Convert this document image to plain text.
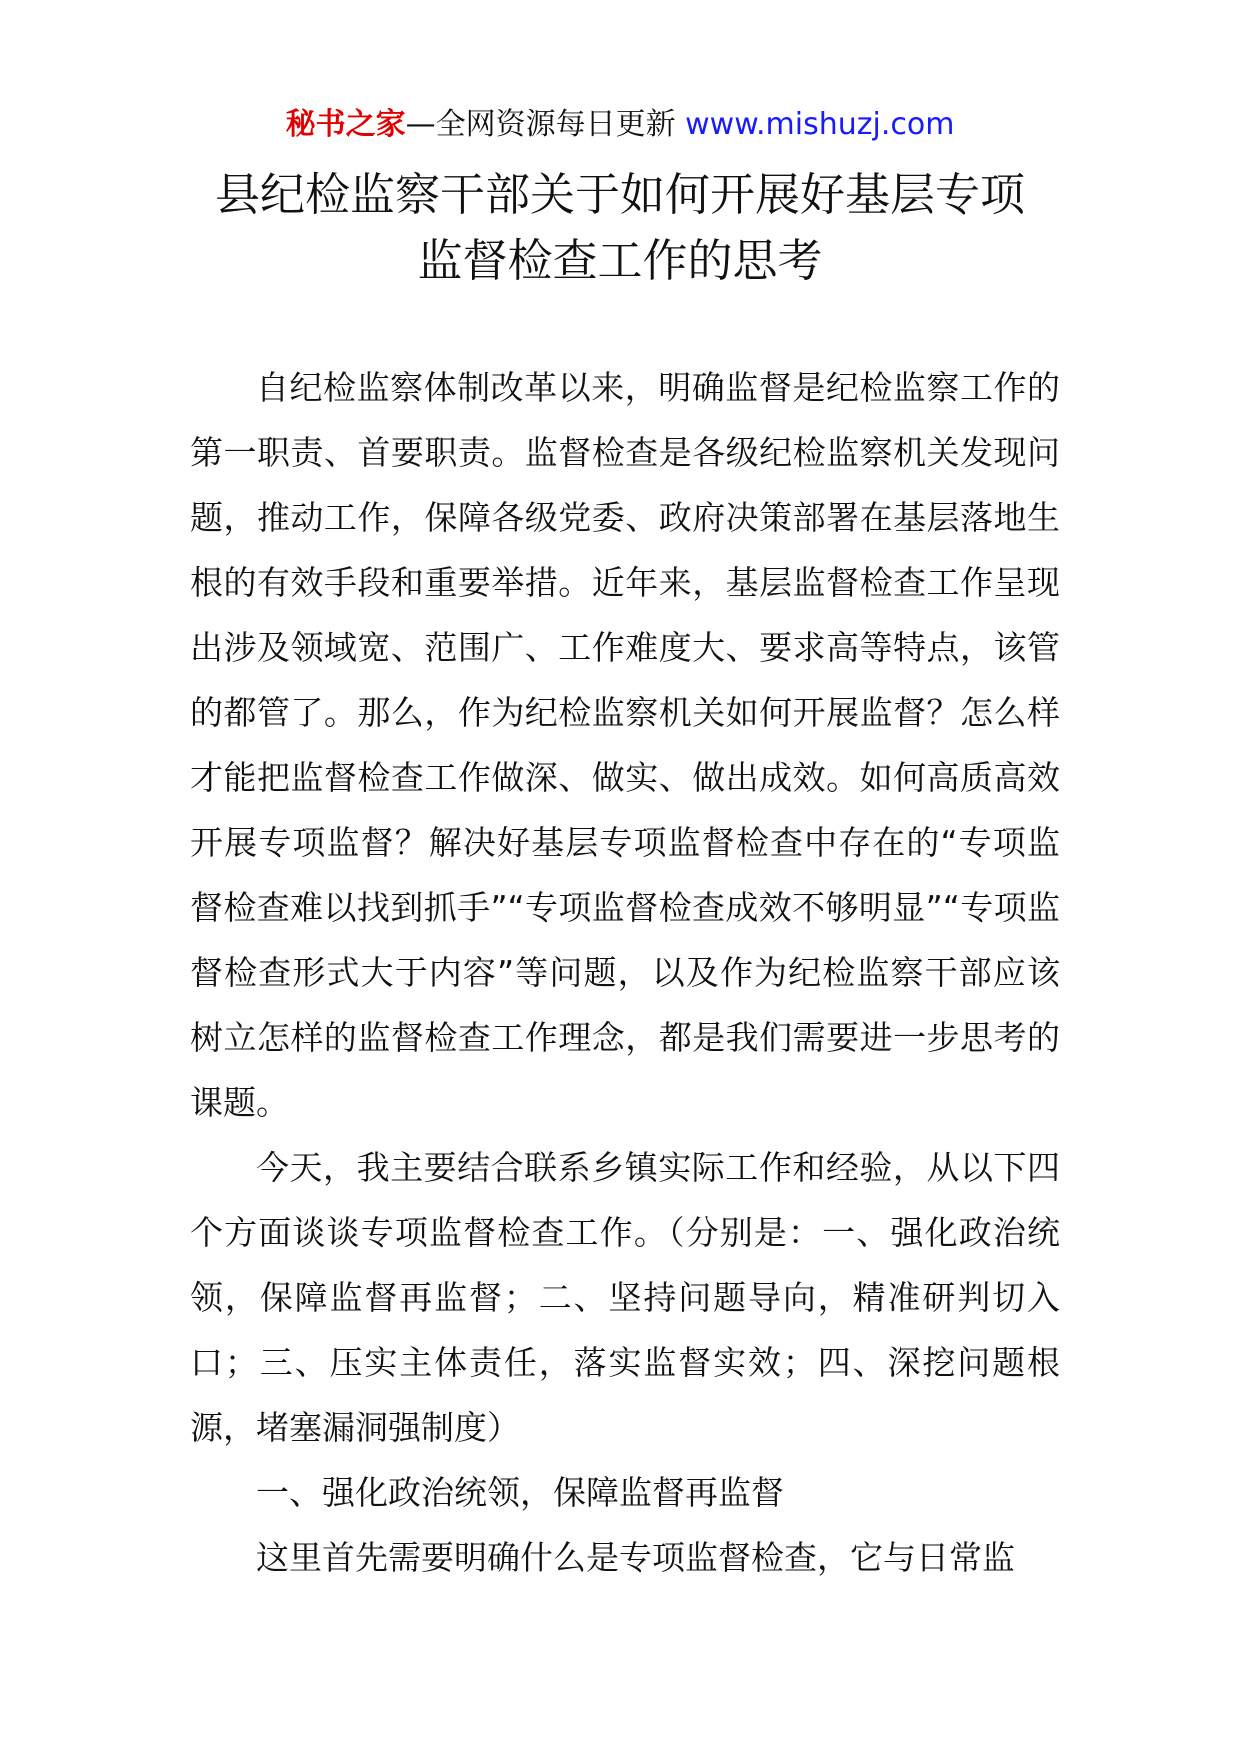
秘书之家—全网资源每日更新 www.mishuzj.com
县纪检监察干部关于如何开展好基层专项
监督检查工作的思考

自纪检监察体制改革以来，明确监督是纪检监察工作的第一职责、首要职责。监督检查是各级纪检监察机关发现问题，推动工作，保障各级党委、政府决策部署在基层落地生根的有效手段和重要举措。近年来，基层监督检查工作呈现出涉及领域宽、范围广、工作难度大、要求高等特点，该管的都管了。那么，作为纪检监察机关如何开展监督？怎么样才能把监督检查工作做深、做实、做出成效。如何高质高效开展专项监督？解决好基层专项监督检查中存在的“专项监督检查难以找到抓手”“专项监督检查成效不够明显”“专项监督检查形式大于内容”等问题，以及作为纪检监察干部应该树立怎样的监督检查工作理念，都是我们需要进一步思考的课题。

今天，我主要结合联系乡镇实际工作和经验，从以下四个方面谈谈专项监督检查工作。（分别是：一、强化政治统领，保障监督再监督；二、坚持问题导向，精准研判切入口；三、压实主体责任，落实监督实效；四、深挖问题根源，堵塞漏洞强制度）

一、强化政治统领，保障监督再监督

这里首先需要明确什么是专项监督检查，它与日常监
